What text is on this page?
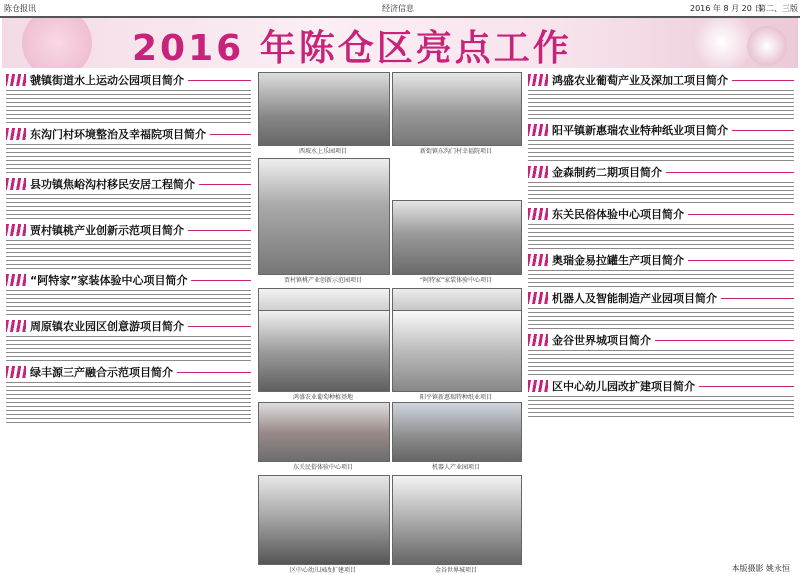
陈仓报讯	经济信息	2016 年 8 月 20 日
第二、三版
2016 年陈仓区亮点工作
虢镇街道水上运动公园项目简介
东沟门村环境整治及幸福院项目简介
县功镇焦峪沟村移民安居工程简介
贾村镇桃产业创新示范项目简介
“阿特家”家装体验中心项目简介
周原镇农业园区创意游项目简介
绿丰源三产融合示范项目简介
西坡水上乐园项目	新街镇东沟门村幸福院项目
贾村镇桃产业创新示范园项目	“阿特家”家装体验中心项目
鸿盛农业葡萄种植基地	阳平镇新惠瑞特种纸业项目
东关民俗体验中心项目	机器人产业园项目
区中心幼儿园改扩建项目	金谷世界城项目
鸿盛农业葡萄产业及深加工项目简介
阳平镇新惠瑞农业特种纸业项目简介
金森制药二期项目简介
东关民俗体验中心项目简介
奥瑞金易拉罐生产项目简介
机器人及智能制造产业园项目简介
金谷世界城项目简介
区中心幼儿园改扩建项目简介
本版摄影 姚永恒
